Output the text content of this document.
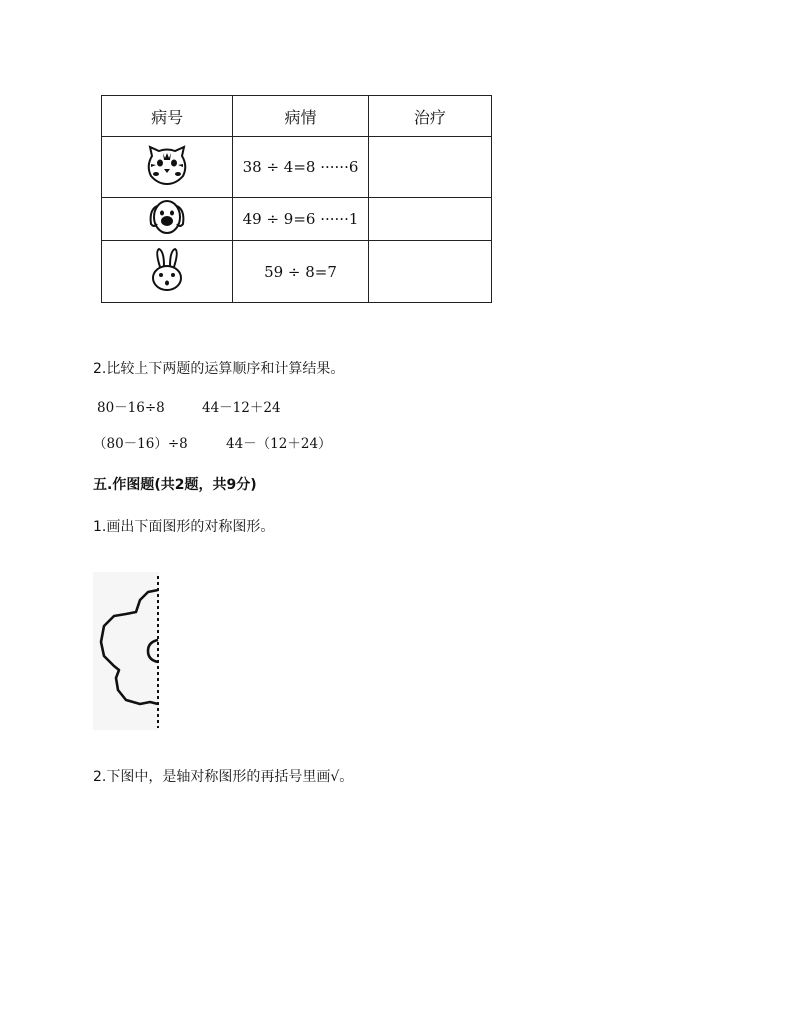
病号	病情	治疗
	38 ÷ 4=8 ······6	
	49 ÷ 9=6 ······1	
	59 ÷ 8=7	
2.比较上下两题的运算顺序和计算结果。
80－16÷8	44－12＋24
（80－16）÷8	44－（12＋24）
五.作图题(共2题，共9分)
1.画出下面图形的对称图形。
2.下图中，是轴对称图形的再括号里画√。
